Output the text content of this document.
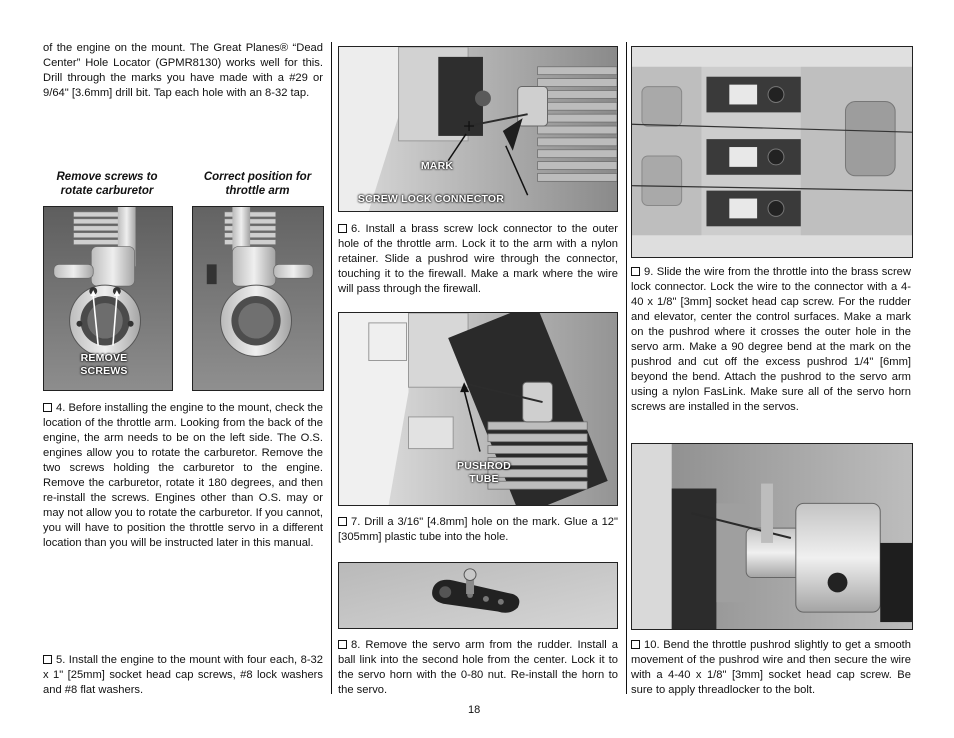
of the engine on the mount. The Great Planes® “Dead Center” Hole Locator (GPMR8130) works well for this. Drill through the marks you have made with a #29 or 9/64" [3.6mm] drill bit. Tap each hole with an 8-32 tap.

Remove screws to rotate carburetor
Correct position for throttle arm
REMOVE SCREWS

4. Before installing the engine to the mount, check the location of the throttle arm. Looking from the back of the engine, the arm needs to be on the left side. The O.S. engines allow you to rotate the carburetor. Remove the two screws holding the carburetor to the engine. Remove the carburetor, rotate it 180 degrees, and then re-install the screws. Engines other than O.S. may or may not allow you to rotate the carburetor. If you cannot, you will have to position the throttle servo in a different location than you will be instructed later in this manual.

5. Install the engine to the mount with four each, 8-32 x 1" [25mm] socket head cap screws, #8 lock washers and #8 flat washers.

MARK
SCREW LOCK CONNECTOR

6. Install a brass screw lock connector to the outer hole of the throttle arm. Lock it to the arm with a nylon retainer. Slide a pushrod wire through the connector, touching it to the firewall. Make a mark where the wire will pass through the firewall.

PUSHROD TUBE

7. Drill a 3/16" [4.8mm] hole on the mark. Glue a 12" [305mm] plastic tube into the hole.

8. Remove the servo arm from the rudder. Install a ball link into the second hole from the center. Lock it to the servo horn with the 0-80 nut. Re-install the horn to the servo.

9. Slide the wire from the throttle into the brass screw lock connector. Lock the wire to the connector with a 4-40 x 1/8" [3mm] socket head cap screw. For the rudder and elevator, center the control surfaces. Make a mark on the pushrod where it crosses the outer hole in the servo arm. Make a 90 degree bend at the mark on the pushrod and cut off the excess pushrod 1/4" [6mm] beyond the bend. Attach the pushrod to the servo arm using a nylon FasLink. Make sure all of the servo horn screws are installed in the servos.

10. Bend the throttle pushrod slightly to get a smooth movement of the pushrod wire and then secure the wire with a 4-40 x 1/8" [3mm] socket head cap screw. Be sure to apply threadlocker to the bolt.

18
